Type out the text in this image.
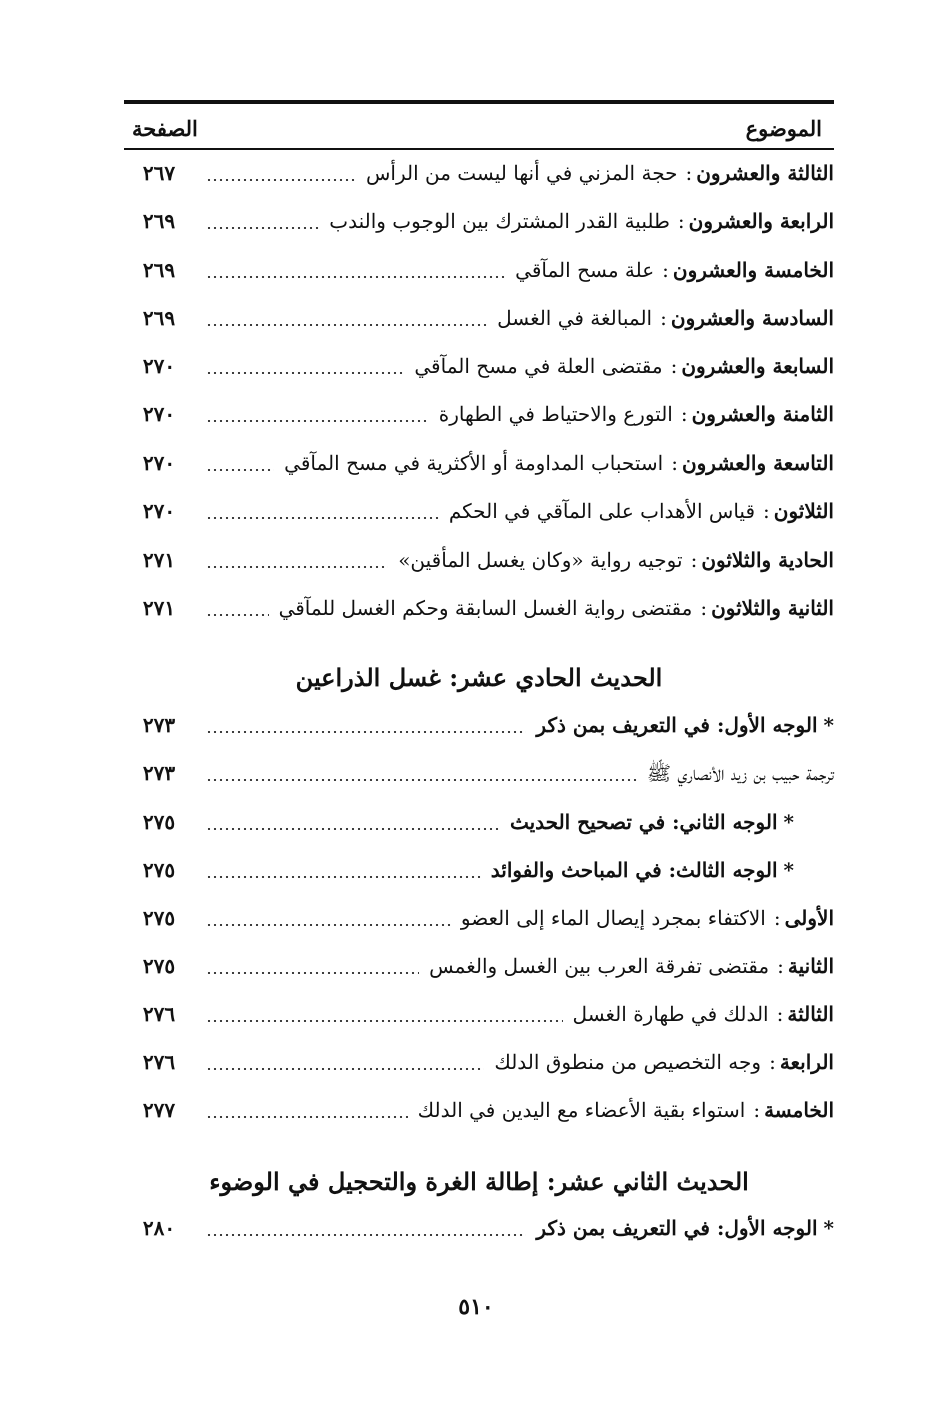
الموضوع
الصفحة
الثالثة والعشرون
:
حجة المزني في أنها ليست من الرأس
٢٦٧
الرابعة والعشرون
:
طلبية القدر المشترك بين الوجوب والندب
٢٦٩
الخامسة والعشرون
:
علة مسح المآقي
٢٦٩
السادسة والعشرون
:
المبالغة في الغسل
٢٦٩
السابعة والعشرون
:
مقتضى العلة في مسح المآقي
٢٧٠
الثامنة والعشرون
:
التورع والاحتياط في الطهارة
٢٧٠
التاسعة والعشرون
:
استحباب المداومة أو الأكثرية في مسح المآقي
٢٧٠
الثلاثون
:
قياس الأهداب على المآقي في الحكم
٢٧٠
الحادية والثلاثون
:
توجيه رواية «وكان يغسل المأقين»
٢٧١
الثانية والثلاثون
:
مقتضى رواية الغسل السابقة وحكم الغسل للمآقي
٢٧١
الحديث الحادي عشر: غسل الذراعين
*
الوجه الأول: في التعريف بمن ذكر
٢٧٣
ترجمة حبيب بن زيد الأنصاري ﷺ
٢٧٣
*
الوجه الثاني: في تصحيح الحديث
٢٧٥
*
الوجه الثالث: في المباحث والفوائد
٢٧٥
الأولى
:
الاكتفاء بمجرد إيصال الماء إلى العضو
٢٧٥
الثانية
:
مقتضى تفرقة العرب بين الغسل والغمس
٢٧٥
الثالثة
:
الدلك في طهارة الغسل
٢٧٦
الرابعة
:
وجه التخصيص من منطوق الدلك
٢٧٦
الخامسة
:
استواء بقية الأعضاء مع اليدين في الدلك
٢٧٧
الحديث الثاني عشر: إطالة الغرة والتحجيل في الوضوء
*
الوجه الأول: في التعريف بمن ذكر
٢٨٠
٥١٠
